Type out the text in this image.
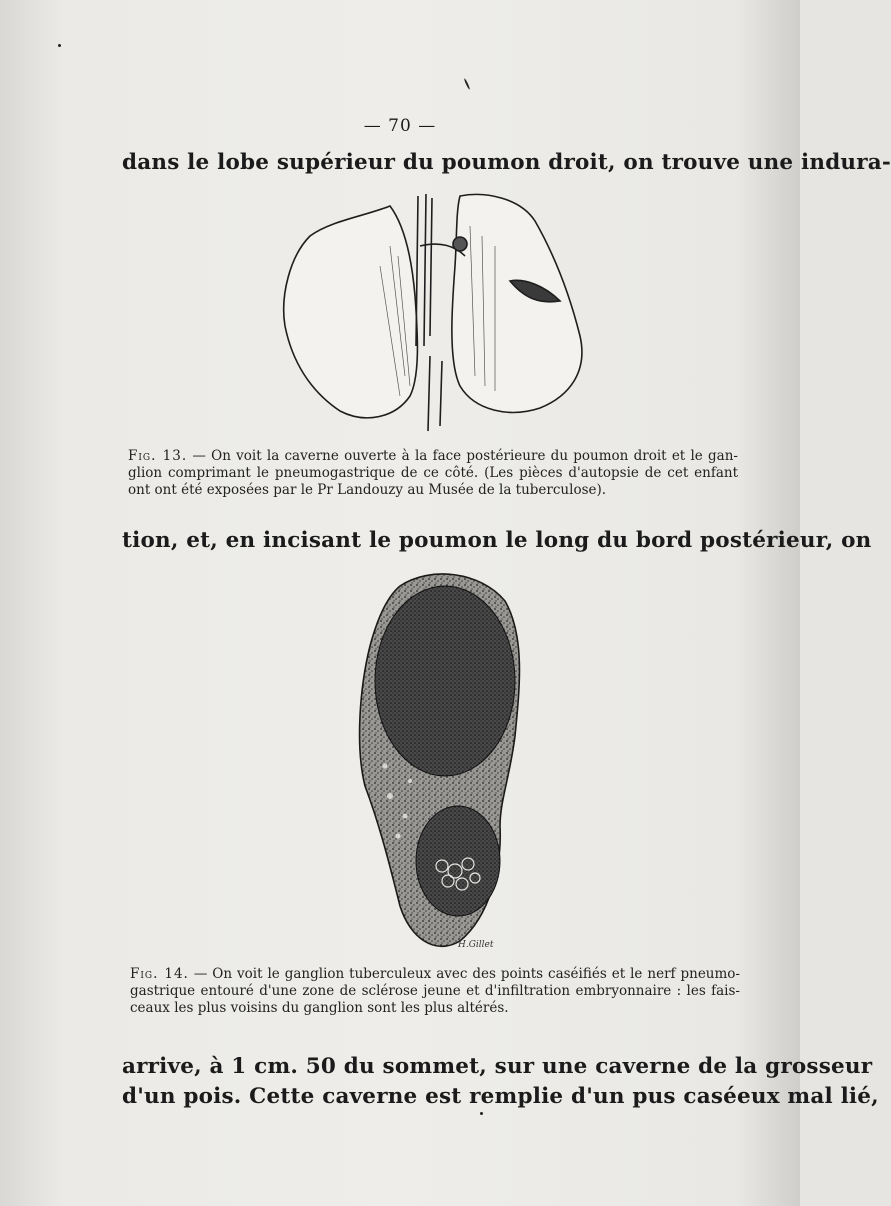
— 70 —
dans le lobe supérieur du poumon droit, on trouve une indura-
Fig. 13. — On voit la caverne ouverte à la face postérieure du poumon droit et le gan-
glion comprimant le pneumogastrique de ce côté. (Les pièces d'autopsie de cet enfant
ont ont été exposées par le Pr Landouzy au Musée de la tuberculose).
tion, et, en incisant le poumon le long du bord postérieur, on
H.Gillet
Fig. 14. — On voit le ganglion tuberculeux avec des points caséifiés et le nerf pneumo-
gastrique entouré d'une zone de sclérose jeune et d'infiltration embryonnaire : les fais-
ceaux les plus voisins du ganglion sont les plus altérés.
arrive, à 1 cm. 50 du sommet, sur une caverne de la grosseur
d'un pois. Cette caverne est remplie d'un pus caséeux mal lié,
